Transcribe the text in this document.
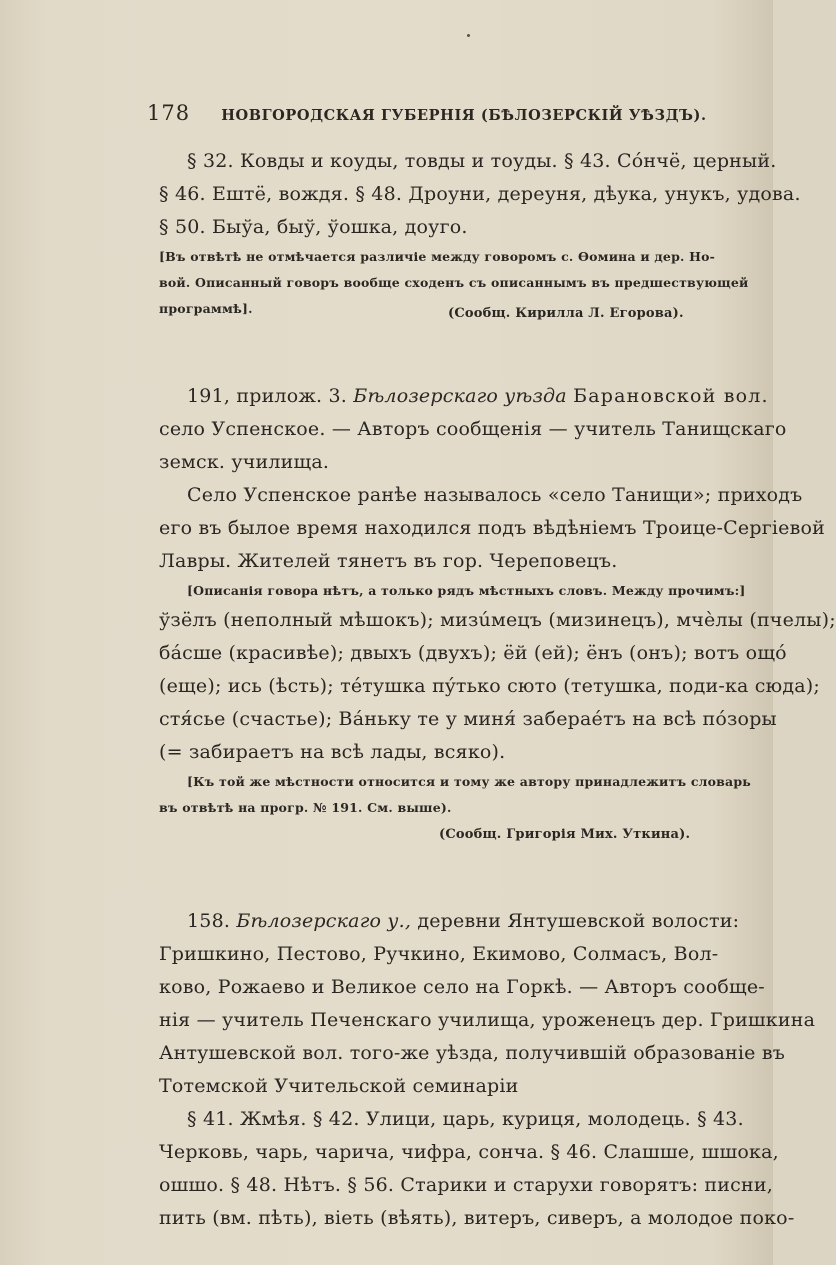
178 НОВГОРОДСКАЯ ГУБЕРНІЯ (БѢЛОЗЕРСКІЙ УѢЗДЪ).
§ 32. Ковды и коуды, товды и тоуды. § 43. Сóнчё, церный.
§ 46. Eштё, вождя. § 48. Дроуни, дереуня, дѣука, унукъ, удова.
§ 50. Быўа, быў, ўошка, доуго.
[Въ отвѣтѣ не отмѣчается различіе между говоромъ с. Ѳомина и дер. Но-
вой. Описанный говоръ вообще сходенъ съ описаннымъ въ предшествующей
программѣ].	(Сообщ. Кирилла Л. Егорова).
191, прилож. 3. Бѣлозерскаго уѣзда Барановской вол.
село Успенское. — Авторъ сообщенія — учитель Танищскаго
земск. училища.
Село Успенское ранѣе называлось «село Танищи»; приходъ
его въ былое время находился подъ вѣдѣніемъ Троице-Сергіевой
Лавры. Жителей тянетъ въ гор. Череповецъ.
[Описанія говора нѣтъ, а только рядъ мѣстныхъ словъ. Между прочимъ:]
ўзёлъ (неполный мѣшокъ); мизúмецъ (мизинецъ), мчѐлы (пчелы);
бáсше (красивѣе); двыхъ (двухъ); ёй (ей); ёнъ (онъ); вотъ ощó
(еще); ись (ѣсть); тéтушка пýтько сюто (тетушка, поди-ка сюда);
стя́сье (счастье); Вáньку те у миня́ забераéтъ на всѣ пóзоры
(= забираетъ на всѣ лады, всяко).
[Къ той же мѣстности относится и тому же автору принадлежитъ словарь
въ отвѣтѣ на прогр. № 191. См. выше).
(Сообщ. Григорія Мих. Уткина).
158. Бѣлозерскаго у., деревни Янтушевской волости:
Гришкино, Пестово, Ручкино, Екимово, Солмасъ, Вол-
ково, Рожаево и Великое село на Горкѣ. — Авторъ сообще-
нія — учитель Печенскаго училища, уроженецъ дер. Гришкина
Антушевской вол. того-же уѣзда, получившій образованіе въ
Тотемской Учительской семинаріи
§ 41. Жмѣя. § 42. Улици, царь, куриця, молодець. § 43.
Черковь, чарь, чарича, чифра, сонча. § 46. Слашше, шшока,
ошшо. § 48. Нѣтъ. § 56. Старики и старухи говорятъ: писни,
пить (вм. пѣть), віеть (вѣять), витеръ, сиверъ, а молодое поко-
